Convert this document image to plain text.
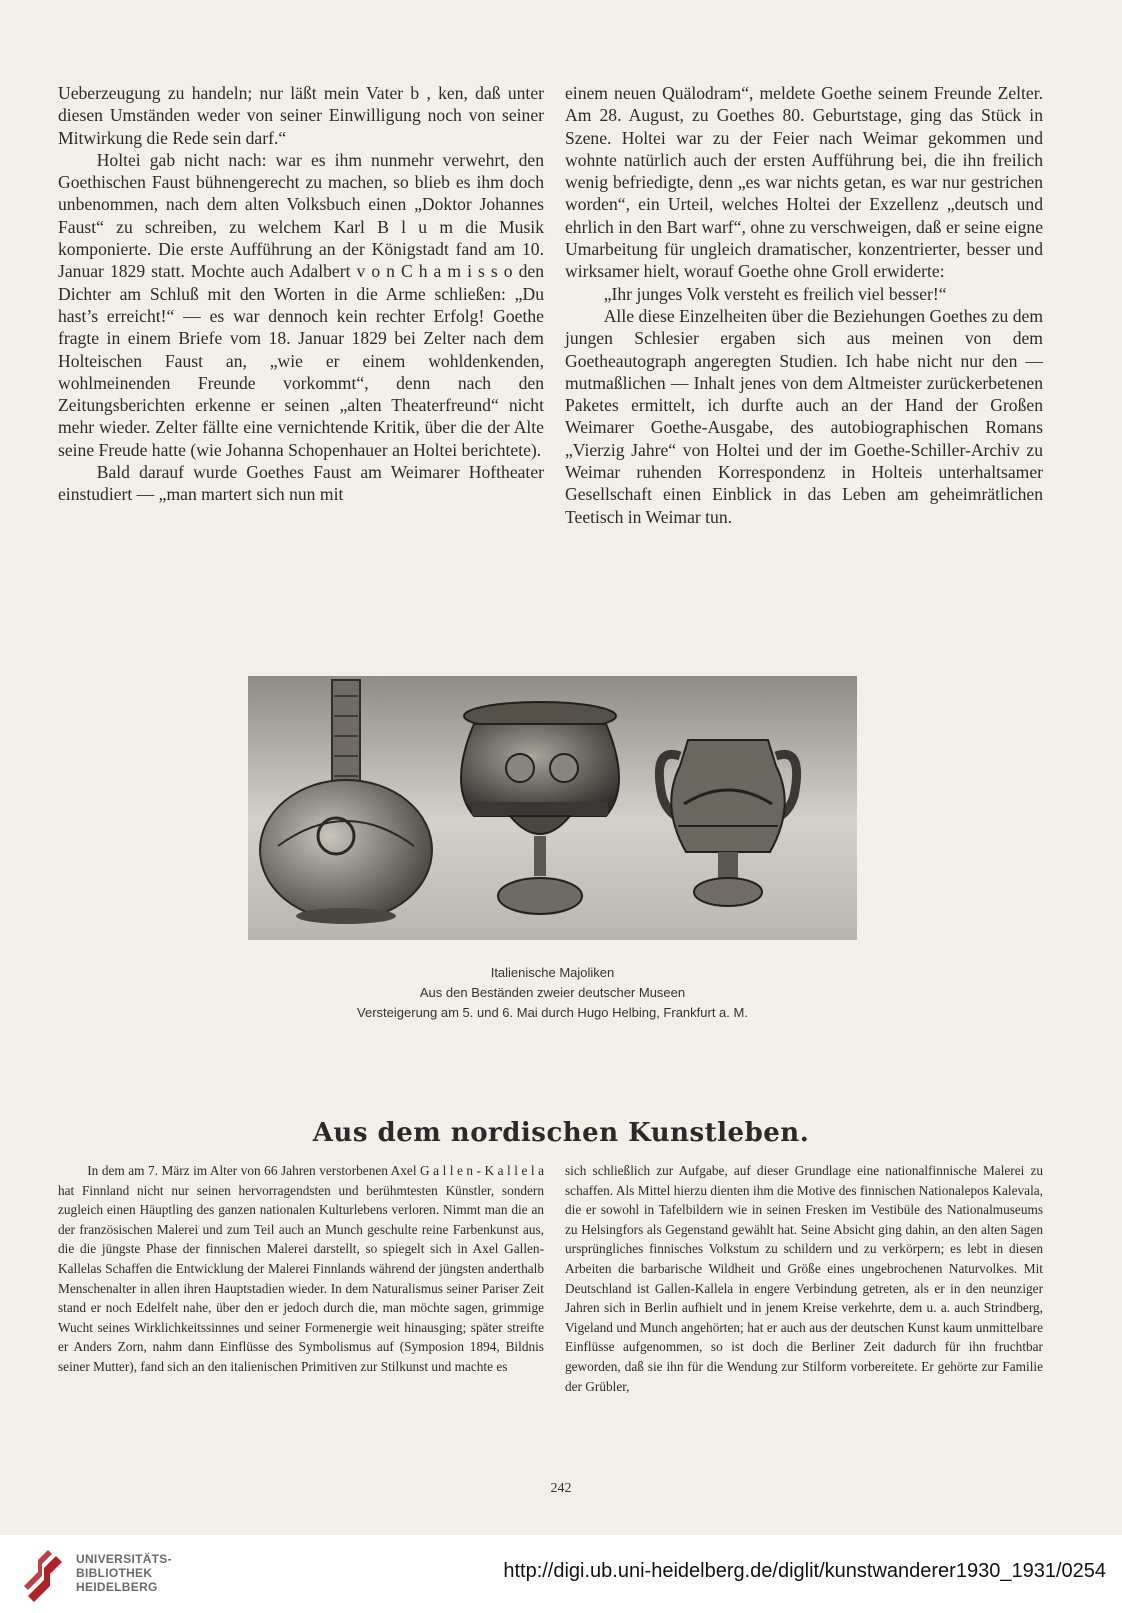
Ueberzeugung zu handeln; nur läßt mein Vater b , ken, daß unter diesen Umständen weder von seiner Einwilligung noch von seiner Mitwirkung die Rede sein darf.“

Holtei gab nicht nach: war es ihm nunmehr verwehrt, den Goethischen Faust bühnengerecht zu machen, so blieb es ihm doch unbenommen, nach dem alten Volksbuch einen „Doktor Johannes Faust“ zu schreiben, zu welchem Karl B l u m die Musik komponierte. Die erste Aufführung an der Königstadt fand am 10. Januar 1829 statt. Mochte auch Adalbert v o n C h a m i s s o den Dichter am Schluß mit den Worten in die Arme schließen: „Du hast’s erreicht!“ — es war dennoch kein rechter Erfolg! Goethe fragte in einem Briefe vom 18. Januar 1829 bei Zelter nach dem Holteischen Faust an, „wie er einem wohldenkenden, wohlmeinenden Freunde vorkommt“, denn nach den Zeitungsberichten erkenne er seinen „alten Theaterfreund“ nicht mehr wieder. Zelter fällte eine vernichtende Kritik, über die der Alte seine Freude hatte (wie Johanna Schopenhauer an Holtei berichtete).

Bald darauf wurde Goethes Faust am Weimarer Hoftheater einstudiert — „man martert sich nun mit

einem neuen Quälodram“, meldete Goethe seinem Freunde Zelter. Am 28. August, zu Goethes 80. Geburtstage, ging das Stück in Szene. Holtei war zu der Feier nach Weimar gekommen und wohnte natürlich auch der ersten Aufführung bei, die ihn freilich wenig befriedigte, denn „es war nichts getan, es war nur gestrichen worden“, ein Urteil, welches Holtei der Exzellenz „deutsch und ehrlich in den Bart warf“, ohne zu verschweigen, daß er seine eigne Umarbeitung für ungleich dramatischer, konzentrierter, besser und wirksamer hielt, worauf Goethe ohne Groll erwiderte:

„Ihr junges Volk versteht es freilich viel besser!“

Alle diese Einzelheiten über die Beziehungen Goethes zu dem jungen Schlesier ergaben sich aus meinen von dem Goetheautograph angeregten Studien. Ich habe nicht nur den — mutmaßlichen — Inhalt jenes von dem Altmeister zurückerbetenen Paketes ermittelt, ich durfte auch an der Hand der Großen Weimarer Goethe-Ausgabe, des autobiographischen Romans „Vierzig Jahre“ von Holtei und der im Goethe-Schiller-Archiv zu Weimar ruhenden Korrespondenz in Holteis unterhaltsamer Gesellschaft einen Einblick in das Leben am geheimrätlichen Teetisch in Weimar tun.

Italienische Majoliken
Aus den Beständen zweier deutscher Museen
Versteigerung am 5. und 6. Mai durch Hugo Helbing, Frankfurt a. M.
Aus dem nordischen Kunstleben.

In dem am 7. März im Alter von 66 Jahren verstorbenen Axel G a l l e n - K a l l e l a hat Finnland nicht nur seinen hervorragendsten und berühmtesten Künstler, sondern zugleich einen Häuptling des ganzen nationalen Kulturlebens verloren. Nimmt man die an der französischen Malerei und zum Teil auch an Munch geschulte reine Farbenkunst aus, die die jüngste Phase der finnischen Malerei darstellt, so spiegelt sich in Axel Gallen-Kallelas Schaffen die Entwicklung der Malerei Finnlands während der jüngsten anderthalb Menschenalter in allen ihren Hauptstadien wieder. In dem Naturalismus seiner Pariser Zeit stand er noch Edelfelt nahe, über den er jedoch durch die, man möchte sagen, grimmige Wucht seines Wirklichkeitssinnes und seiner Formenergie weit hinausging; später streifte er Anders Zorn, nahm dann Einflüsse des Symbolismus auf (Symposion 1894, Bildnis seiner Mutter), fand sich an den italienischen Primitiven zur Stilkunst und machte es

sich schließlich zur Aufgabe, auf dieser Grundlage eine nationalfinnische Malerei zu schaffen. Als Mittel hierzu dienten ihm die Motive des finnischen Nationalepos Kalevala, die er sowohl in Tafelbildern wie in seinen Fresken im Vestibüle des Nationalmuseums zu Helsingfors als Gegenstand gewählt hat. Seine Absicht ging dahin, an den alten Sagen ursprüngliches finnisches Volkstum zu schildern und zu verkörpern; es lebt in diesen Arbeiten die barbarische Wildheit und Größe eines ungebrochenen Naturvolkes. Mit Deutschland ist Gallen-Kallela in engere Verbindung getreten, als er in den neunziger Jahren sich in Berlin aufhielt und in jenem Kreise verkehrte, dem u. a. auch Strindberg, Vigeland und Munch angehörten; hat er auch aus der deutschen Kunst kaum unmittelbare Einflüsse aufgenommen, so ist doch die Berliner Zeit dadurch für ihn fruchtbar geworden, daß sie ihn für die Wendung zur Stilform vorbereitete. Er gehörte zur Familie der Grübler,

242
UNIVERSITÄTS-
BIBLIOTHEK
HEIDELBERG
http://digi.ub.uni-heidelberg.de/diglit/kunstwanderer1930_1931/0254
